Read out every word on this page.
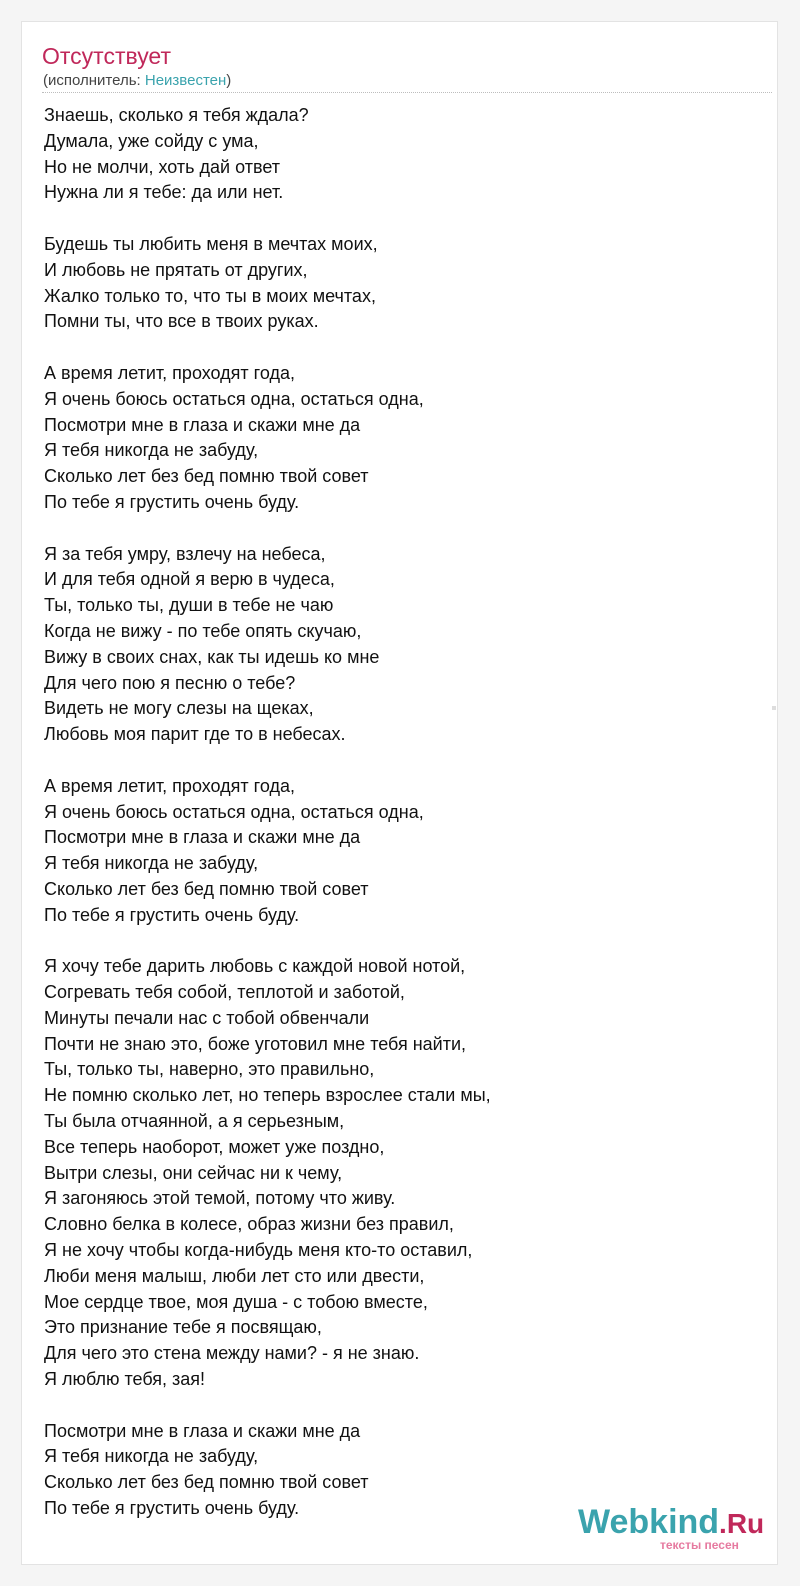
Отсутствует
(исполнитель: Неизвестен)
Знаешь, сколько я тебя ждала?
Думала, уже сойду с ума,
Но не молчи, хоть дай ответ
Нужна ли я тебе: да или нет.
Будешь ты любить меня в мечтах моих,
И любовь не прятать от других,
Жалко только то, что ты в моих мечтах,
Помни ты, что все в твоих руках.
А время летит, проходят года,
Я очень боюсь остаться одна, остаться одна,
Посмотри мне в глаза и скажи мне да
Я тебя никогда не забуду,
Сколько лет без бед помню твой совет
По тебе я грустить очень буду.
Я за тебя умру, взлечу на небеса,
И для тебя одной я верю в чудеса,
Ты, только ты, души в тебе не чаю
Когда не вижу - по тебе опять скучаю,
Вижу в своих снах, как ты идешь ко мне
Для чего пою я песню о тебе?
Видеть не могу слезы на щеках,
Любовь моя парит где то в небесах.
А время летит, проходят года,
Я очень боюсь остаться одна, остаться одна,
Посмотри мне в глаза и скажи мне да
Я тебя никогда не забуду,
Сколько лет без бед помню твой совет
По тебе я грустить очень буду.
Я хочу тебе дарить любовь с каждой новой нотой,
Согревать тебя собой, теплотой и заботой,
Минуты печали нас с тобой обвенчали
Почти не знаю это, боже уготовил мне тебя найти,
Ты, только ты, наверно, это правильно,
Не помню сколько лет, но теперь взрослее стали мы,
Ты была отчаянной, а я серьезным,
Все теперь наоборот, может уже поздно,
Вытри слезы, они сейчас ни к чему,
Я загоняюсь этой темой, потому что живу.
Словно белка в колесе, образ жизни без правил,
Я не хочу чтобы когда-нибудь меня кто-то оставил,
Люби меня малыш, люби лет сто или двести,
Мое сердце твое, моя душа - с тобою вместе,
Это признание тебе я посвящаю,
Для чего это стена между нами? - я не знаю.
Я люблю тебя, зая!
Посмотри мне в глаза и скажи мне да
Я тебя никогда не забуду,
Сколько лет без бед помню твой совет
По тебе я грустить очень буду.	Webkind.Ru
тексты песен
